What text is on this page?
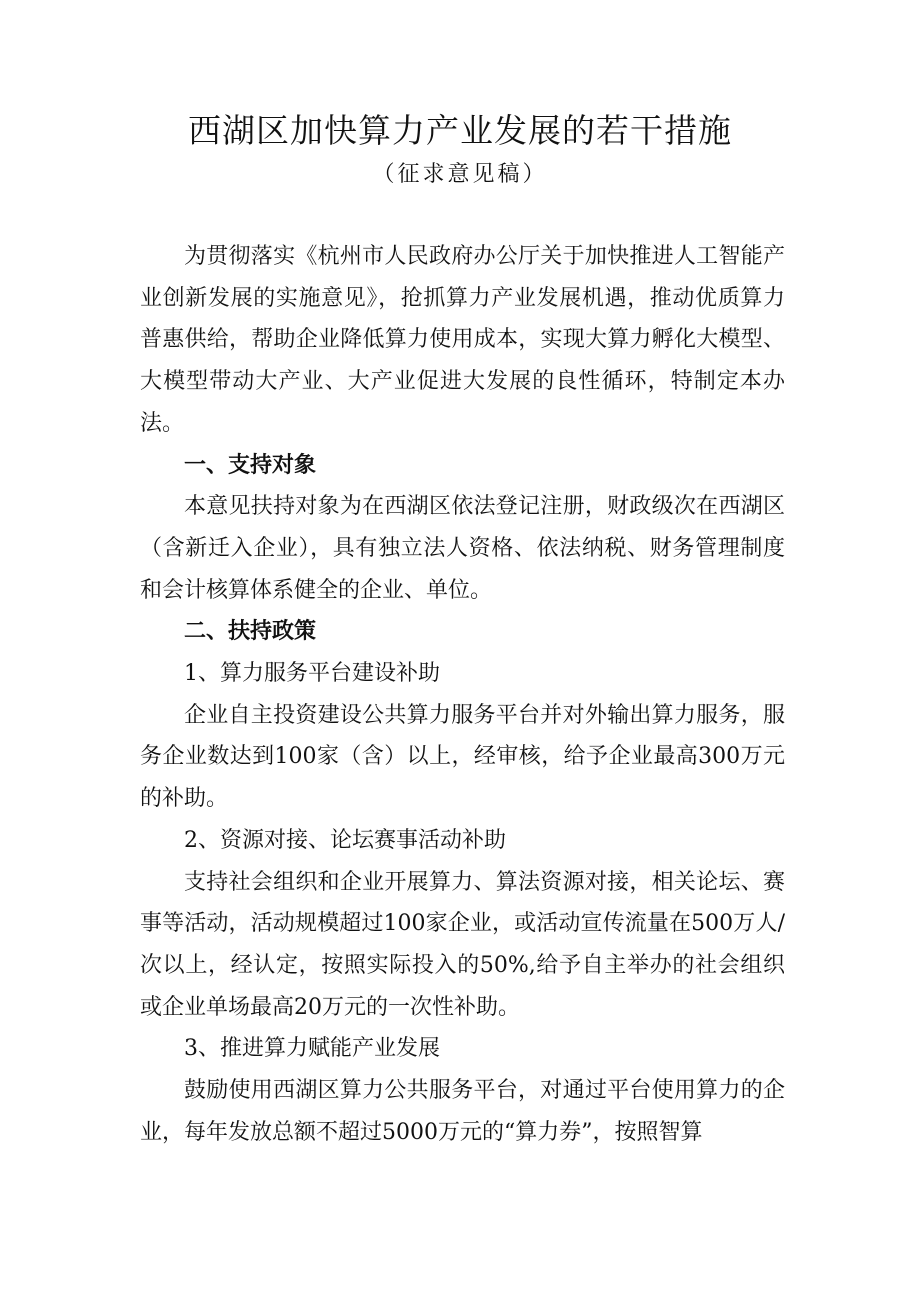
西湖区加快算力产业发展的若干措施
（征求意见稿）

为贯彻落实《杭州市人民政府办公厅关于加快推进人工智能产业创新发展的实施意见》，抢抓算力产业发展机遇，推动优质算力普惠供给，帮助企业降低算力使用成本，实现大算力孵化大模型、大模型带动大产业、大产业促进大发展的良性循环，特制定本办法。

一、支持对象

本意见扶持对象为在西湖区依法登记注册，财政级次在西湖区（含新迁入企业），具有独立法人资格、依法纳税、财务管理制度和会计核算体系健全的企业、单位。

二、扶持政策

1、算力服务平台建设补助

企业自主投资建设公共算力服务平台并对外输出算力服务，服务企业数达到100家（含）以上，经审核，给予企业最高300万元的补助。

2、资源对接、论坛赛事活动补助

支持社会组织和企业开展算力、算法资源对接，相关论坛、赛事等活动，活动规模超过100家企业，或活动宣传流量在500万人/次以上，经认定，按照实际投入的50%,给予自主举办的社会组织或企业单场最高20万元的一次性补助。

3、推进算力赋能产业发展

鼓励使用西湖区算力公共服务平台，对通过平台使用算力的企业，每年发放总额不超过5000万元的“算力券”，按照智算
